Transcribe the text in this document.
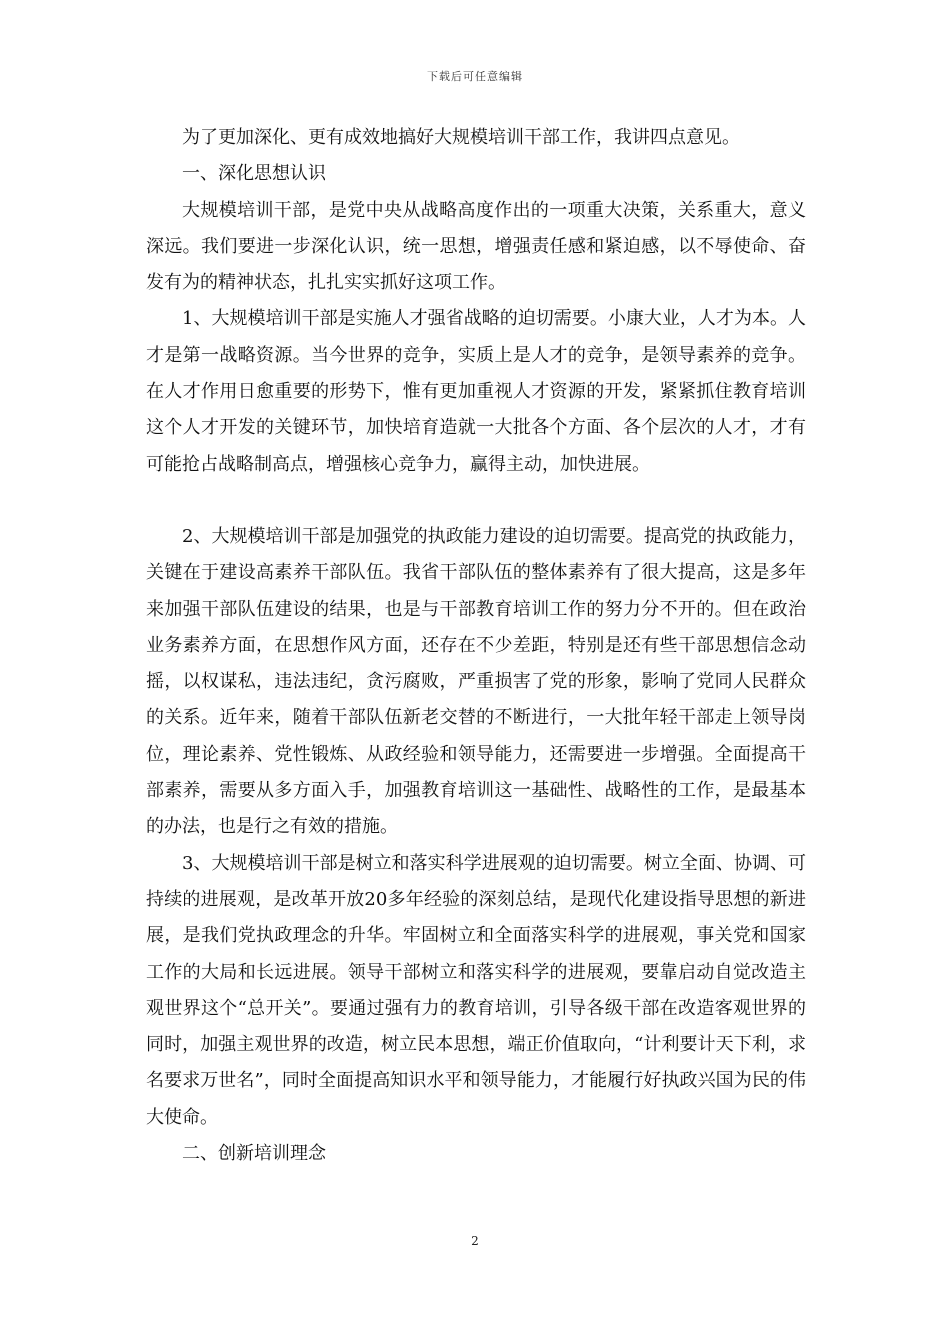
下载后可任意编辑

为了更加深化、更有成效地搞好大规模培训干部工作，我讲四点意见。

一、深化思想认识

大规模培训干部，是党中央从战略高度作出的一项重大决策，关系重大，意义深远。我们要进一步深化认识，统一思想，增强责任感和紧迫感，以不辱使命、奋发有为的精神状态，扎扎实实抓好这项工作。

1、大规模培训干部是实施人才强省战略的迫切需要。小康大业，人才为本。人才是第一战略资源。当今世界的竞争，实质上是人才的竞争，是领导素养的竞争。在人才作用日愈重要的形势下，惟有更加重视人才资源的开发，紧紧抓住教育培训这个人才开发的关键环节，加快培育造就一大批各个方面、各个层次的人才，才有可能抢占战略制高点，增强核心竞争力，赢得主动，加快进展。

2、大规模培训干部是加强党的执政能力建设的迫切需要。提高党的执政能力，关键在于建设高素养干部队伍。我省干部队伍的整体素养有了很大提高，这是多年来加强干部队伍建设的结果，也是与干部教育培训工作的努力分不开的。但在政治业务素养方面，在思想作风方面，还存在不少差距，特别是还有些干部思想信念动摇，以权谋私，违法违纪，贪污腐败，严重损害了党的形象，影响了党同人民群众的关系。近年来，随着干部队伍新老交替的不断进行，一大批年轻干部走上领导岗位，理论素养、党性锻炼、从政经验和领导能力，还需要进一步增强。全面提高干部素养，需要从多方面入手，加强教育培训这一基础性、战略性的工作，是最基本的办法，也是行之有效的措施。

3、大规模培训干部是树立和落实科学进展观的迫切需要。树立全面、协调、可持续的进展观，是改革开放20多年经验的深刻总结，是现代化建设指导思想的新进展，是我们党执政理念的升华。牢固树立和全面落实科学的进展观，事关党和国家工作的大局和长远进展。领导干部树立和落实科学的进展观，要靠启动自觉改造主观世界这个“总开关”。要通过强有力的教育培训，引导各级干部在改造客观世界的同时，加强主观世界的改造，树立民本思想，端正价值取向，“计利要计天下利，求名要求万世名”，同时全面提高知识水平和领导能力，才能履行好执政兴国为民的伟大使命。

二、创新培训理念

2
